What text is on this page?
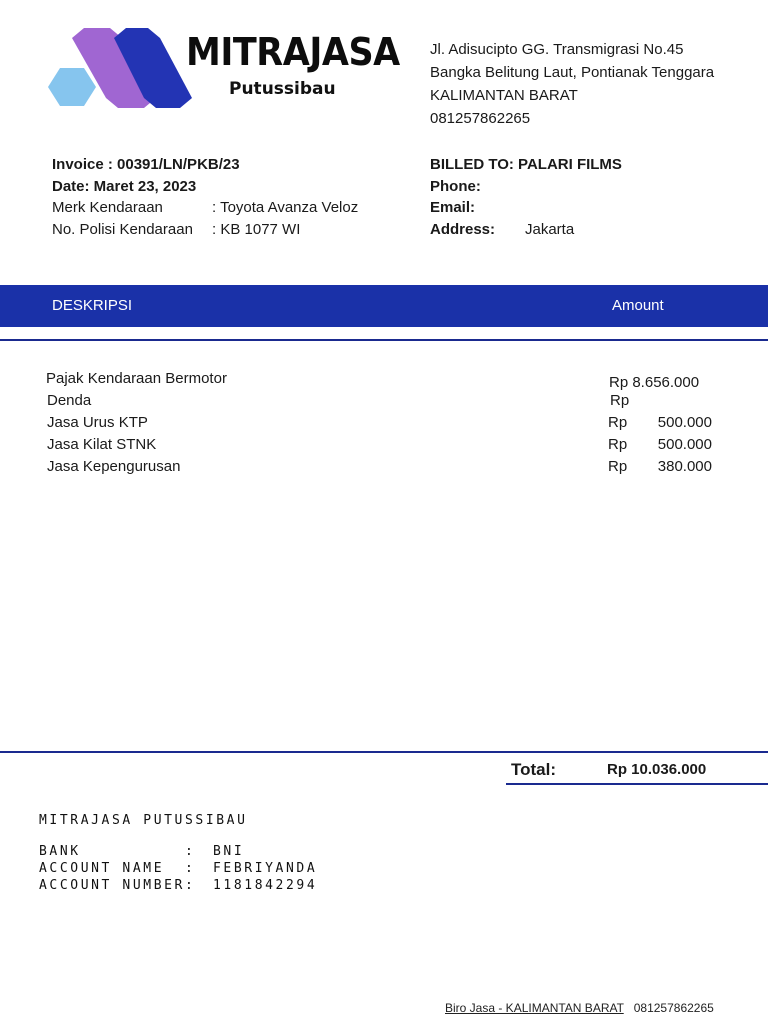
MITRAJASA
Putussibau
Jl. Adisucipto GG. Transmigrasi No.45
Bangka Belitung Laut, Pontianak Tenggara
KALIMANTAN BARAT
081257862265
Invoice : 00391/LN/PKB/23
Date: Maret 23, 2023
Merk Kendaraan	: Toyota Avanza Veloz
No. Polisi Kendaraan	: KB 1077 WI
BILLED TO: PALARI FILMS
Phone:
Email:
Address:	Jakarta
DESKRIPSI	Amount
Pajak Kendaraan Bermotor	Rp 8.656.000
Denda	Rp
Jasa Urus KTP	Rp	500.000
Jasa Kilat STNK	Rp	500.000
Jasa Kepengurusan	Rp	380.000
Total:	Rp 10.036.000
MITRAJASA PUTUSSIBAU
BANK          :	BNI
ACCOUNT NAME  :	FEBRIYANDA
ACCOUNT NUMBER:	1181842294
Biro Jasa - KALIMANTAN BARAT 081257862265
